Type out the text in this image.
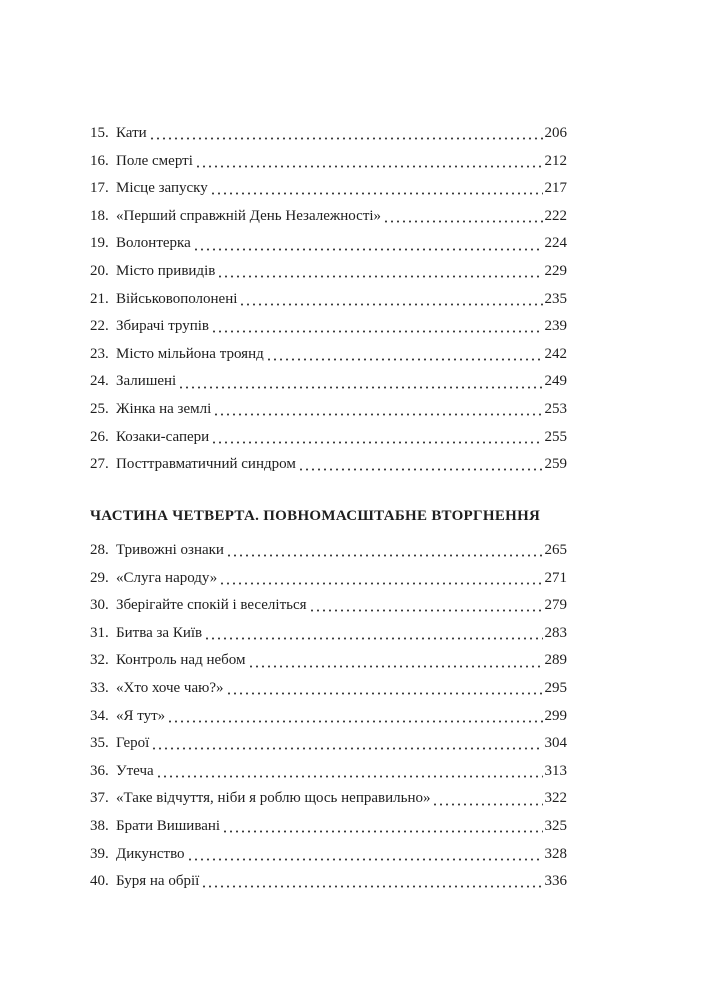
15. Кати	206
16. Поле смерті	212
17. Місце запуску	217
18. «Перший справжній День Незалежності»	222
19. Волонтерка	224
20. Місто привидів	229
21. Військовополонені	235
22. Збирачі трупів	239
23. Місто мільйона троянд	242
24. Залишені	249
25. Жінка на землі	253
26. Козаки-сапери	255
27. Посттравматичний синдром	259
ЧАСТИНА ЧЕТВЕРТА. ПОВНОМАСШТАБНЕ ВТОРГНЕННЯ
28. Тривожні ознаки	265
29. «Слуга народу»	271
30. Зберігайте спокій і веселіться	279
31. Битва за Київ	283
32. Контроль над небом	289
33. «Хто хоче чаю?»	295
34. «Я тут»	299
35. Герої	304
36. Утеча	313
37. «Таке відчуття, ніби я роблю щось неправильно»	322
38. Брати Вишивані	325
39. Дикунство	328
40. Буря на обрії	336
